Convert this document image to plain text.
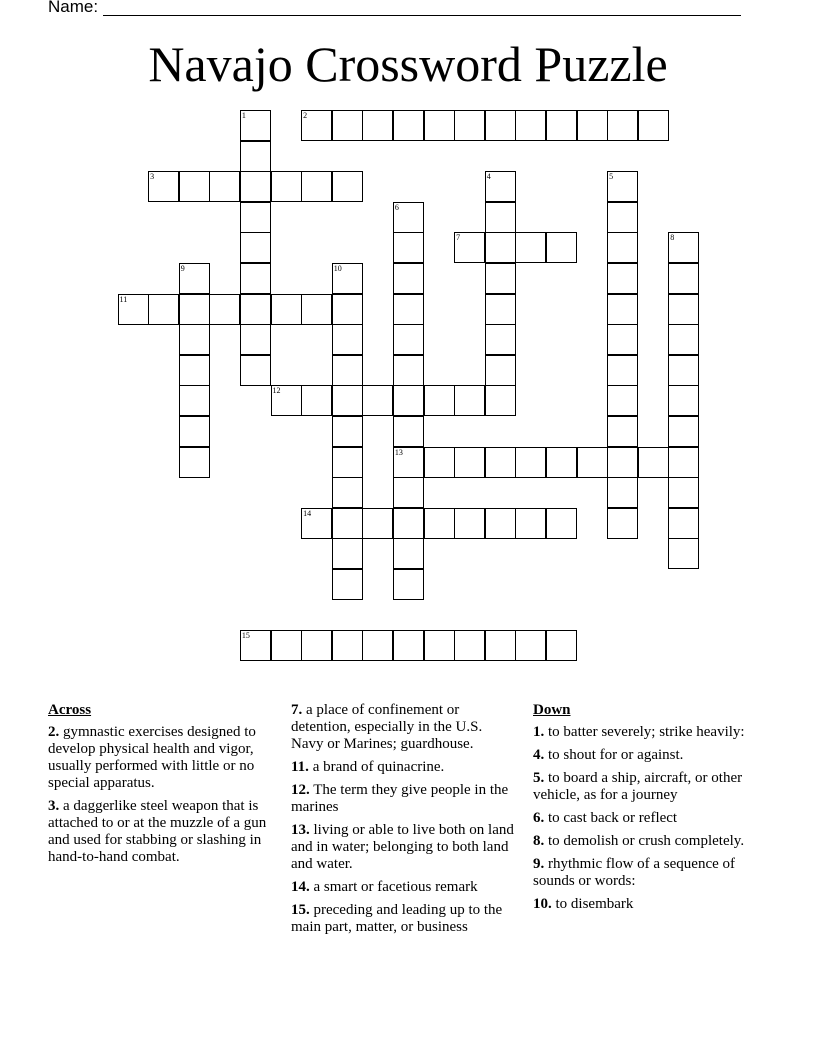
Name:
Navajo Crossword Puzzle
1	2
3	4	5
6
13
7	8
9	10
11
12
14
15
Across

2. gymnastic exercises designed to develop physical health and vigor, usually performed with little or no special apparatus.

3. a daggerlike steel weapon that is attached to or at the muzzle of a gun and used for stabbing or slashing in hand-to-hand combat.

7. a place of confinement or detention, especially in the U.S. Navy or Marines; guardhouse.

11. a brand of quinacrine.

12. The term they give people in the marines

13. living or able to live both on land and in water; belonging to both land and water.

14. a smart or facetious remark

15. preceding and leading up to the main part, matter, or business

Down

1. to batter severely; strike heavily:

4. to shout for or against.

5. to board a ship, aircraft, or other vehicle, as for a journey

6. to cast back or reflect

8. to demolish or crush completely.

9. rhythmic flow of a sequence of sounds or words:

10. to disembark
